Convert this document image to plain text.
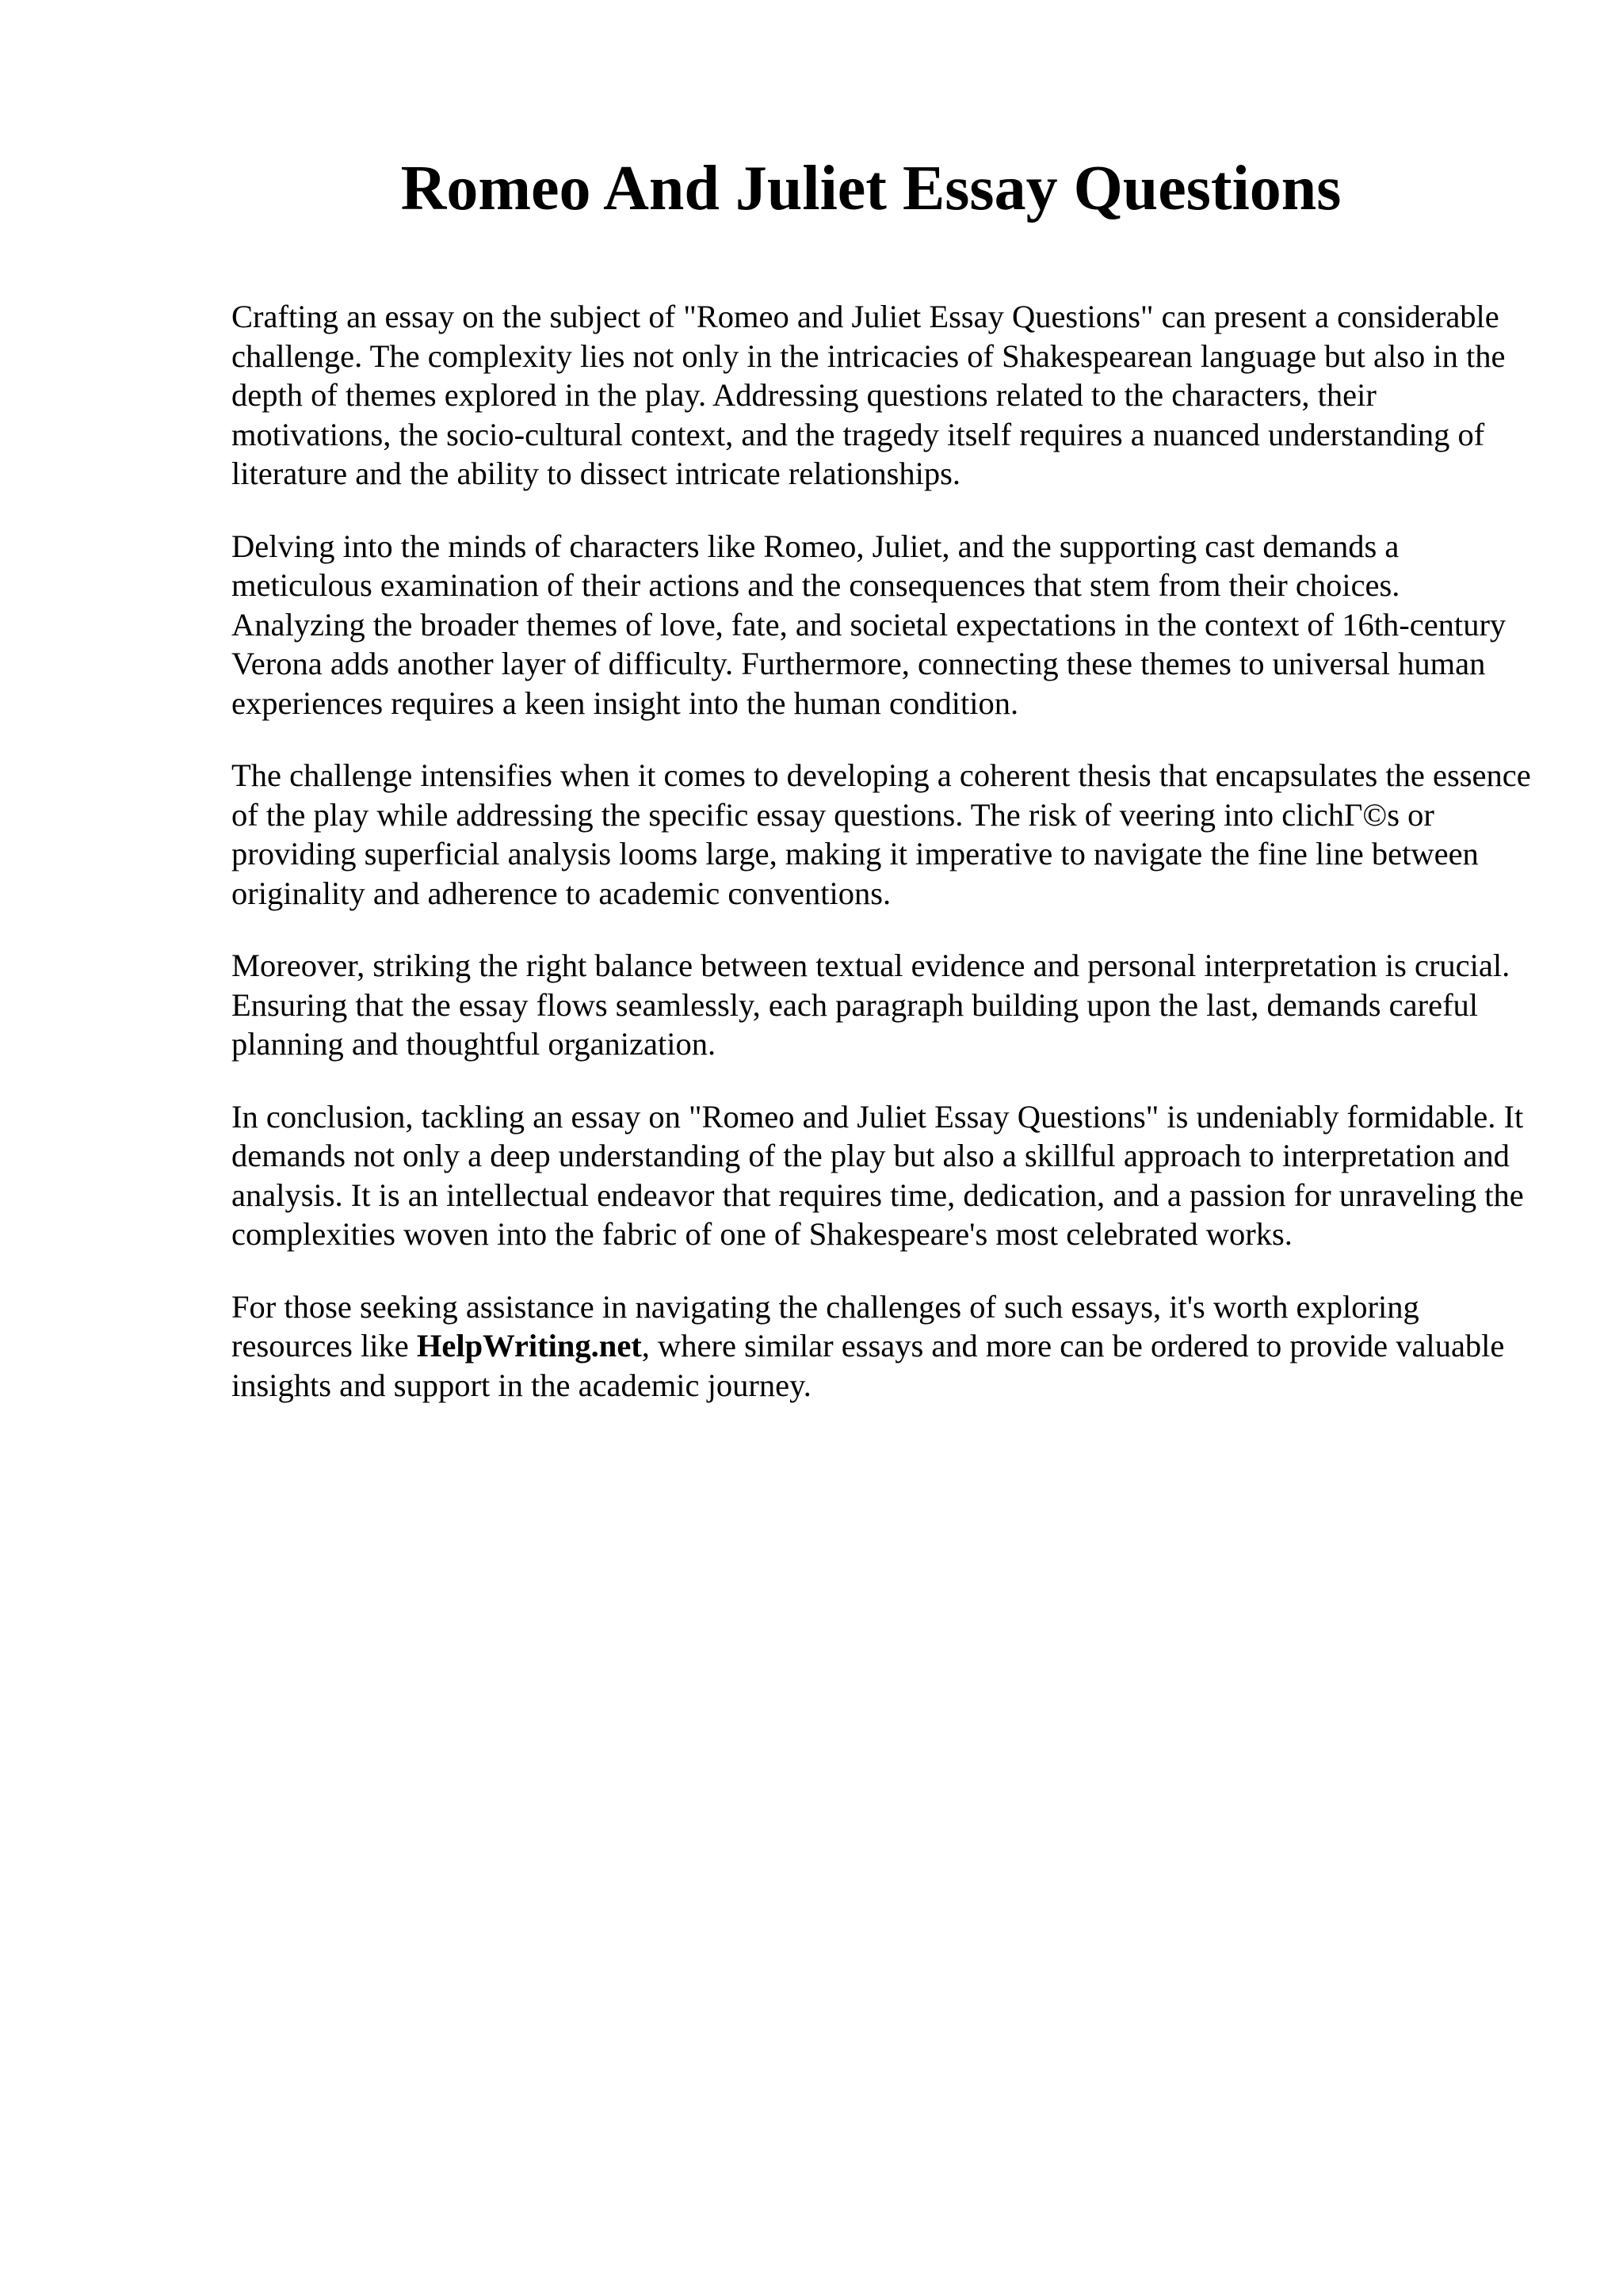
Romeo And Juliet Essay Questions

Crafting an essay on the subject of "Romeo and Juliet Essay Questions" can present a considerable challenge. The complexity lies not only in the intricacies of Shakespearean language but also in the depth of themes explored in the play. Addressing questions related to the characters, their motivations, the socio-cultural context, and the tragedy itself requires a nuanced understanding of literature and the ability to dissect intricate relationships.

Delving into the minds of characters like Romeo, Juliet, and the supporting cast demands a meticulous examination of their actions and the consequences that stem from their choices. Analyzing the broader themes of love, fate, and societal expectations in the context of 16th-century Verona adds another layer of difficulty. Furthermore, connecting these themes to universal human experiences requires a keen insight into the human condition.

The challenge intensifies when it comes to developing a coherent thesis that encapsulates the essence of the play while addressing the specific essay questions. The risk of veering into clichГ©s or providing superficial analysis looms large, making it imperative to navigate the fine line between originality and adherence to academic conventions.

Moreover, striking the right balance between textual evidence and personal interpretation is crucial. Ensuring that the essay flows seamlessly, each paragraph building upon the last, demands careful planning and thoughtful organization.

In conclusion, tackling an essay on "Romeo and Juliet Essay Questions" is undeniably formidable. It demands not only a deep understanding of the play but also a skillful approach to interpretation and analysis. It is an intellectual endeavor that requires time, dedication, and a passion for unraveling the complexities woven into the fabric of one of Shakespeare's most celebrated works.

For those seeking assistance in navigating the challenges of such essays, it's worth exploring resources like HelpWriting.net, where similar essays and more can be ordered to provide valuable insights and support in the academic journey.
